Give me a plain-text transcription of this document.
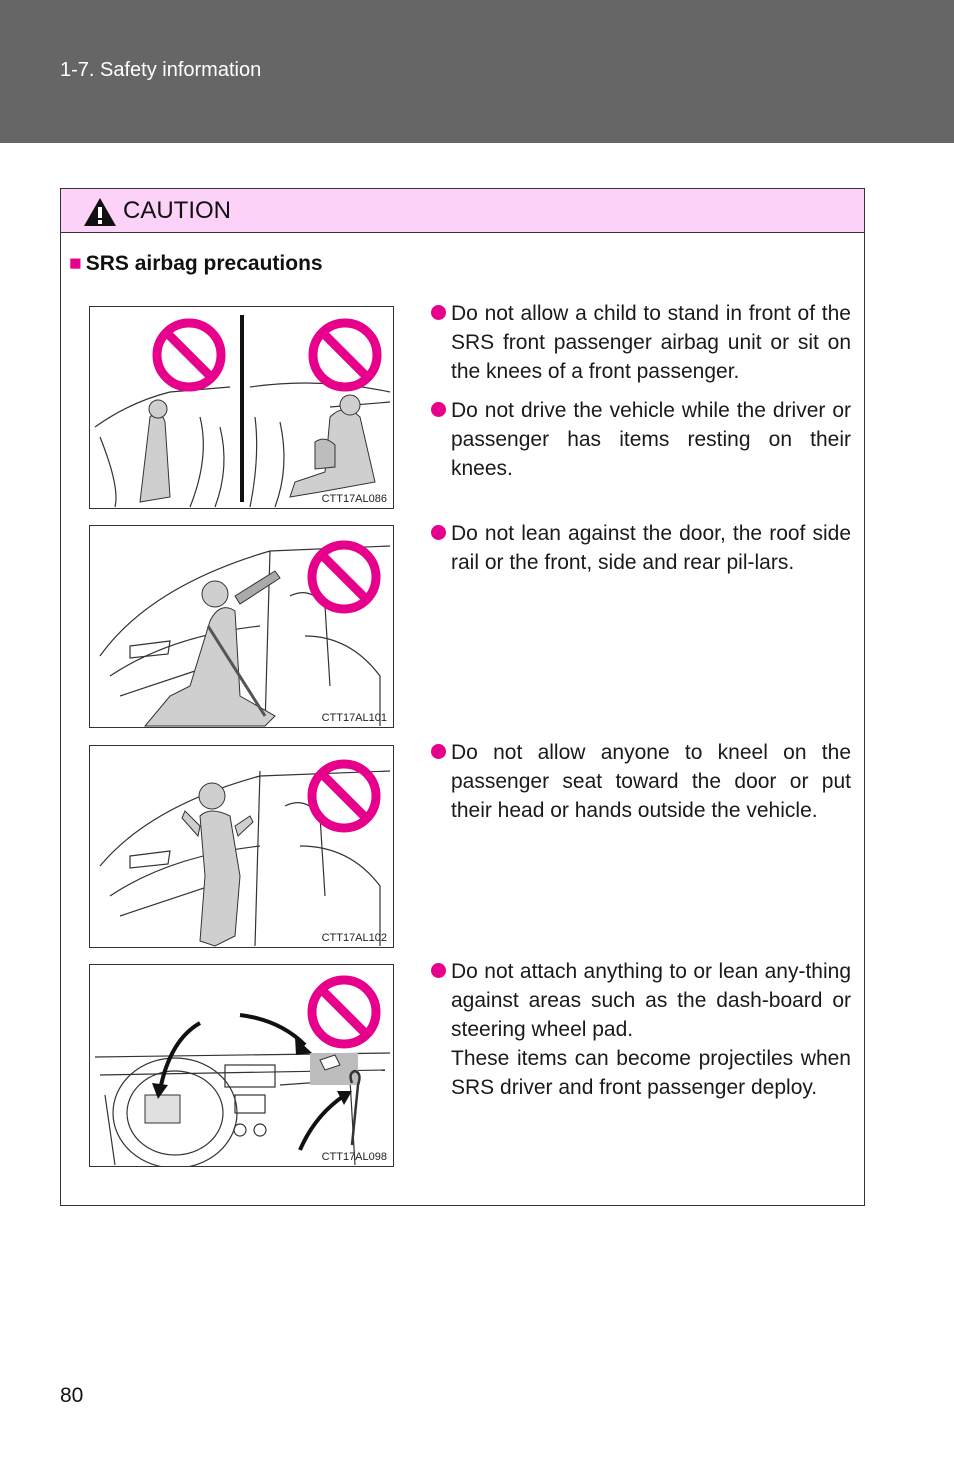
1-7. Safety information
CAUTION
■ SRS airbag precautions
CTT17AL086
CTT17AL101
CTT17AL102
CTT17AL098
Do not allow a child to stand in front of the SRS front passenger airbag unit or sit on the knees of a front passenger.
Do not drive the vehicle while the driver or passenger has items resting on their knees.
Do not lean against the door, the roof side rail or the front, side and rear pil-lars.
Do not allow anyone to kneel on the passenger seat toward the door or put their head or hands outside the vehicle.
Do not attach anything to or lean any-thing against areas such as the dash-board or steering wheel pad.
These items can become projectiles when SRS driver and front passenger deploy.
80
